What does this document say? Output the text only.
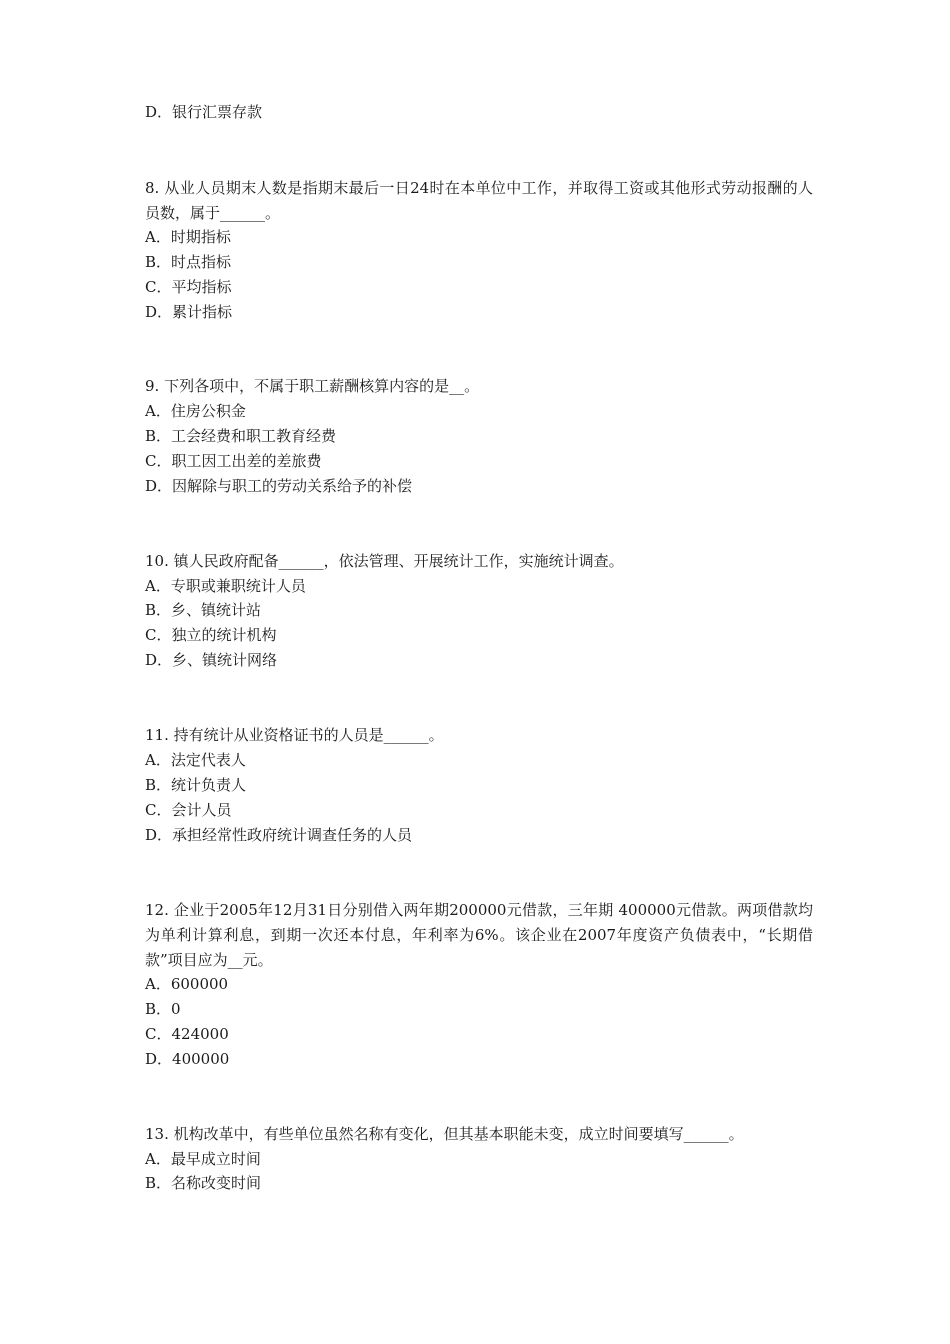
D．银行汇票存款
8. 从业人员期末人数是指期末最后一日24时在本单位中工作，并取得工资或其他形式劳动报酬的人员数，属于______。
A．时期指标
B．时点指标
C．平均指标
D．累计指标
9. 下列各项中，不属于职工薪酬核算内容的是__。
A．住房公积金
B．工会经费和职工教育经费
C．职工因工出差的差旅费
D．因解除与职工的劳动关系给予的补偿
10. 镇人民政府配备______，依法管理、开展统计工作，实施统计调查。
A．专职或兼职统计人员
B．乡、镇统计站
C．独立的统计机构
D．乡、镇统计网络
11. 持有统计从业资格证书的人员是______。
A．法定代表人
B．统计负责人
C．会计人员
D．承担经常性政府统计调查任务的人员
12. 企业于2005年12月31日分别借入两年期200000元借款，三年期 400000元借款。两项借款均为单利计算利息，到期一次还本付息，年利率为6%。该企业在2007年度资产负债表中，“长期借款”项目应为__元。
A．600000
B．0
C．424000
D．400000
13. 机构改革中，有些单位虽然名称有变化，但其基本职能未变，成立时间要填写______。
A．最早成立时间
B．名称改变时间
